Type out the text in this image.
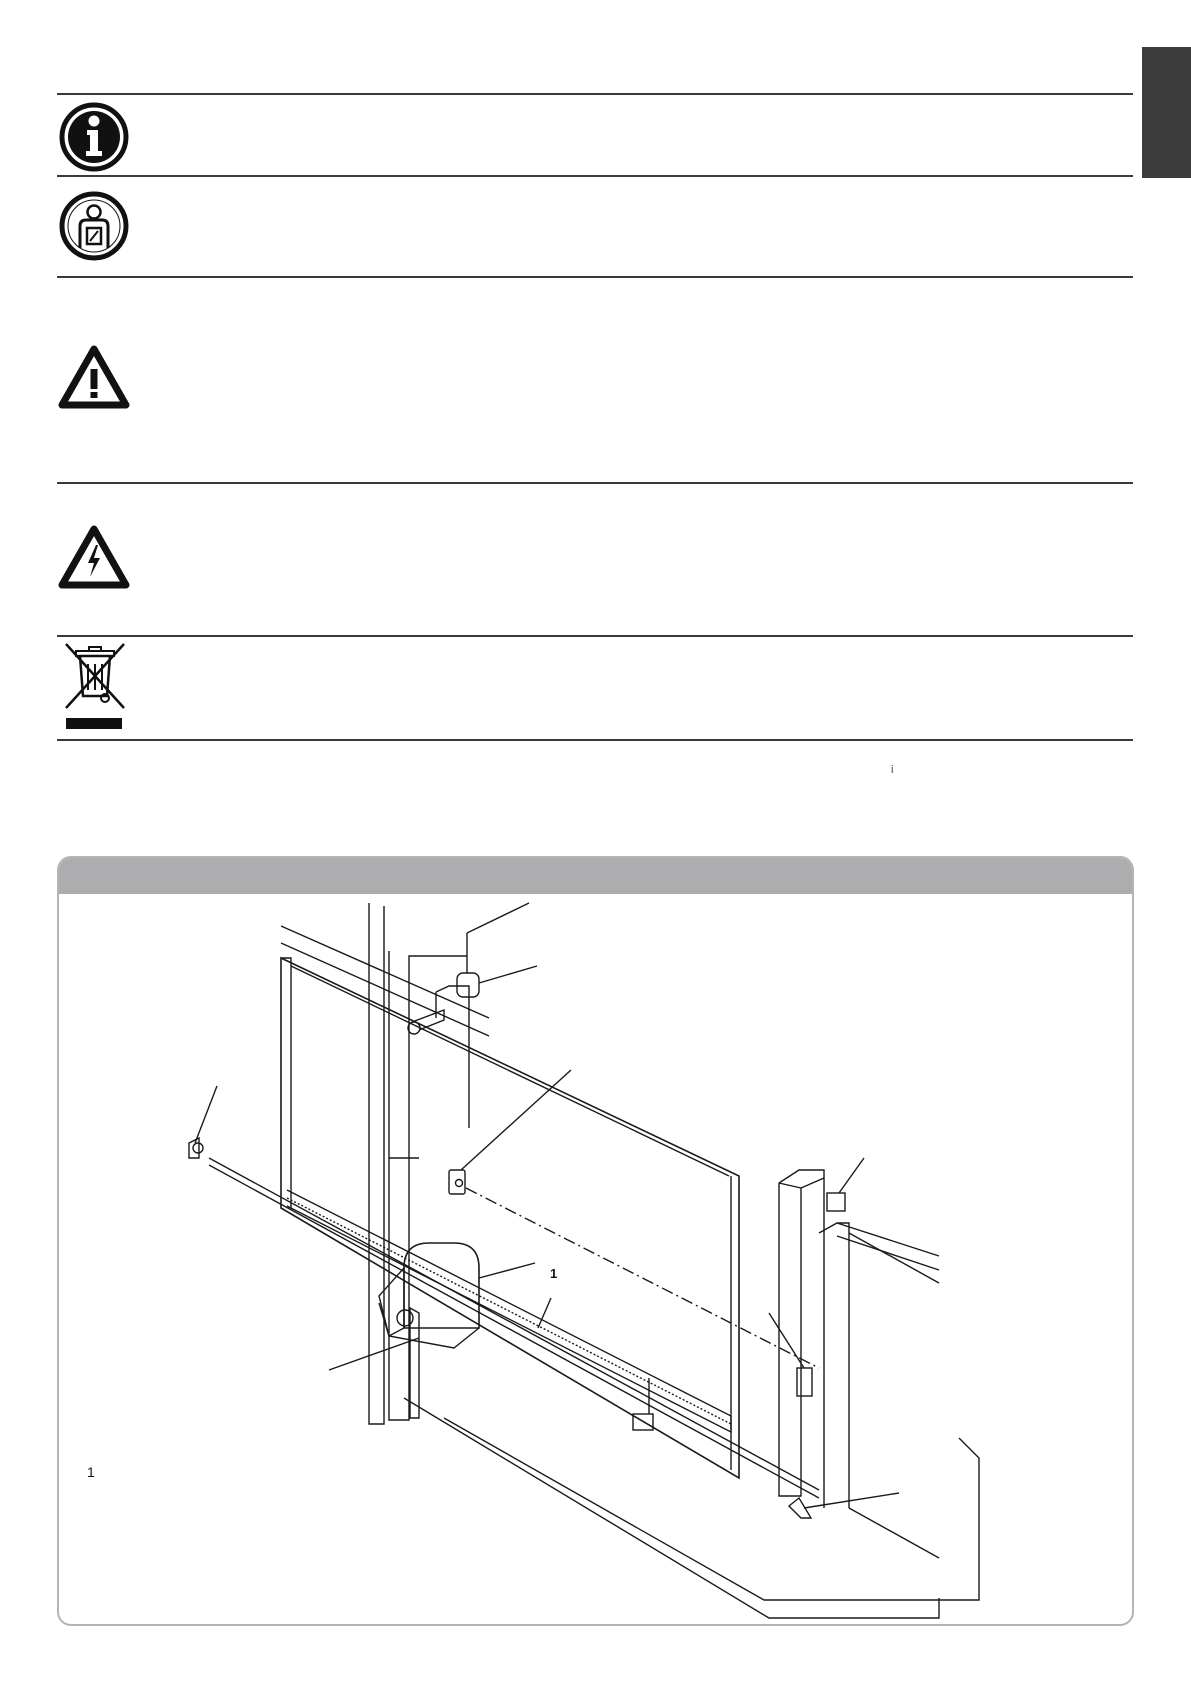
i
1
1
